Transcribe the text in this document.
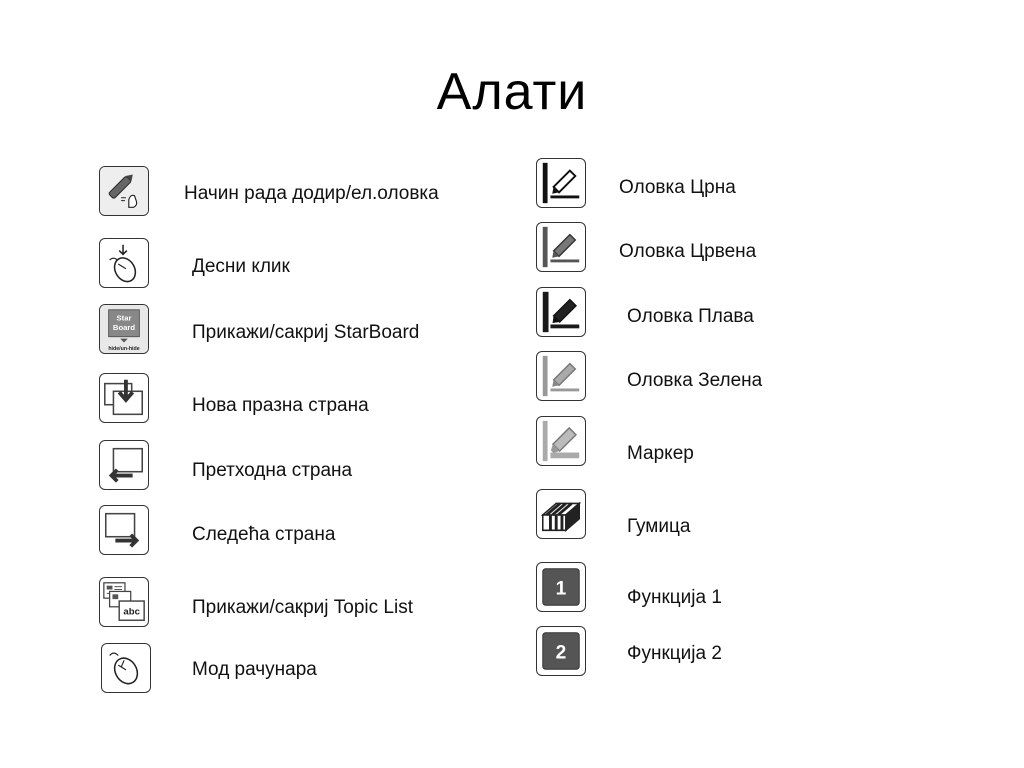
Алати
Начин рада додир/ел.оловка
Десни клик
Star
Board
hide/un-hide
Прикажи/сакриј StarBoard
Нова празна страна
Претходна страна
Следећа страна
abc	Прикажи/сакриј Topic List
Мод рачунара
Оловка Црна
Оловка Црвена
Оловка Плава
Оловка Зелена
Маркер
Гумица
1	Функција 1
2	Функција 2
